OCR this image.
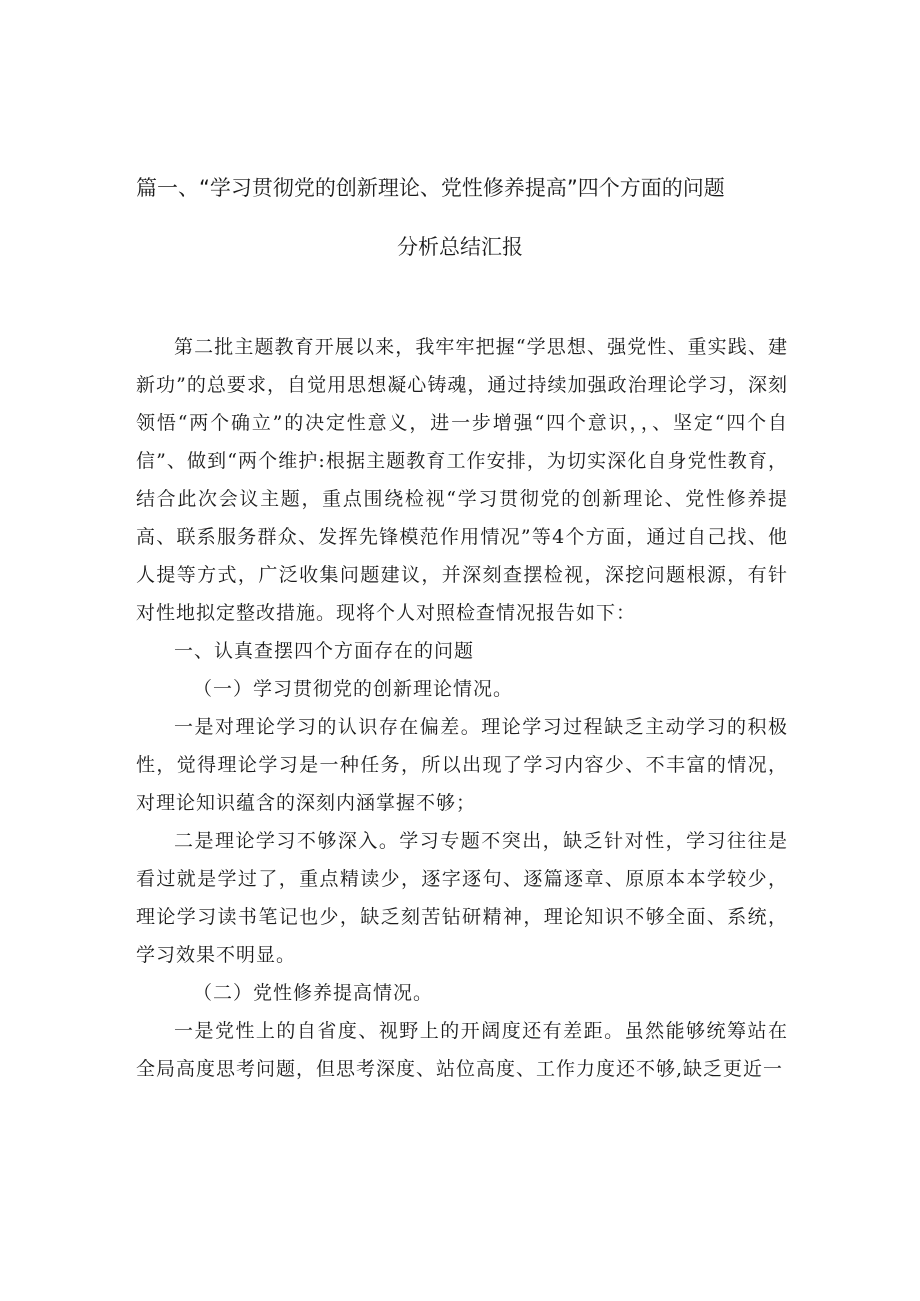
篇一、“学习贯彻党的创新理论、党性修养提高”四个方面的问题
分析总结汇报

第二批主题教育开展以来，我牢牢把握“学思想、强党性、重实践、建新功”的总要求，自觉用思想凝心铸魂，通过持续加强政治理论学习，深刻领悟“两个确立”的决定性意义，进一步增强“四个意识，，、坚定“四个自信”、做到“两个维护:根据主题教育工作安排，为切实深化自身党性教育，结合此次会议主题，重点围绕检视“学习贯彻党的创新理论、党性修养提高、联系服务群众、发挥先锋模范作用情况”等4个方面，通过自己找、他人提等方式，广泛收集问题建议，并深刻查摆检视，深挖问题根源，有针对性地拟定整改措施。现将个人对照检查情况报告如下：

一、认真查摆四个方面存在的问题

（一）学习贯彻党的创新理论情况。

一是对理论学习的认识存在偏差。理论学习过程缺乏主动学习的积极性，觉得理论学习是一种任务，所以出现了学习内容少、不丰富的情况，对理论知识蕴含的深刻内涵掌握不够；

二是理论学习不够深入。学习专题不突出，缺乏针对性，学习往往是看过就是学过了，重点精读少，逐字逐句、逐篇逐章、原原本本学较少，理论学习读书笔记也少，缺乏刻苦钻研精神，理论知识不够全面、系统，学习效果不明显。

（二）党性修养提高情况。

一是党性上的自省度、视野上的开阔度还有差距。虽然能够统筹站在全局高度思考问题，但思考深度、站位高度、工作力度还不够,缺乏更近一
